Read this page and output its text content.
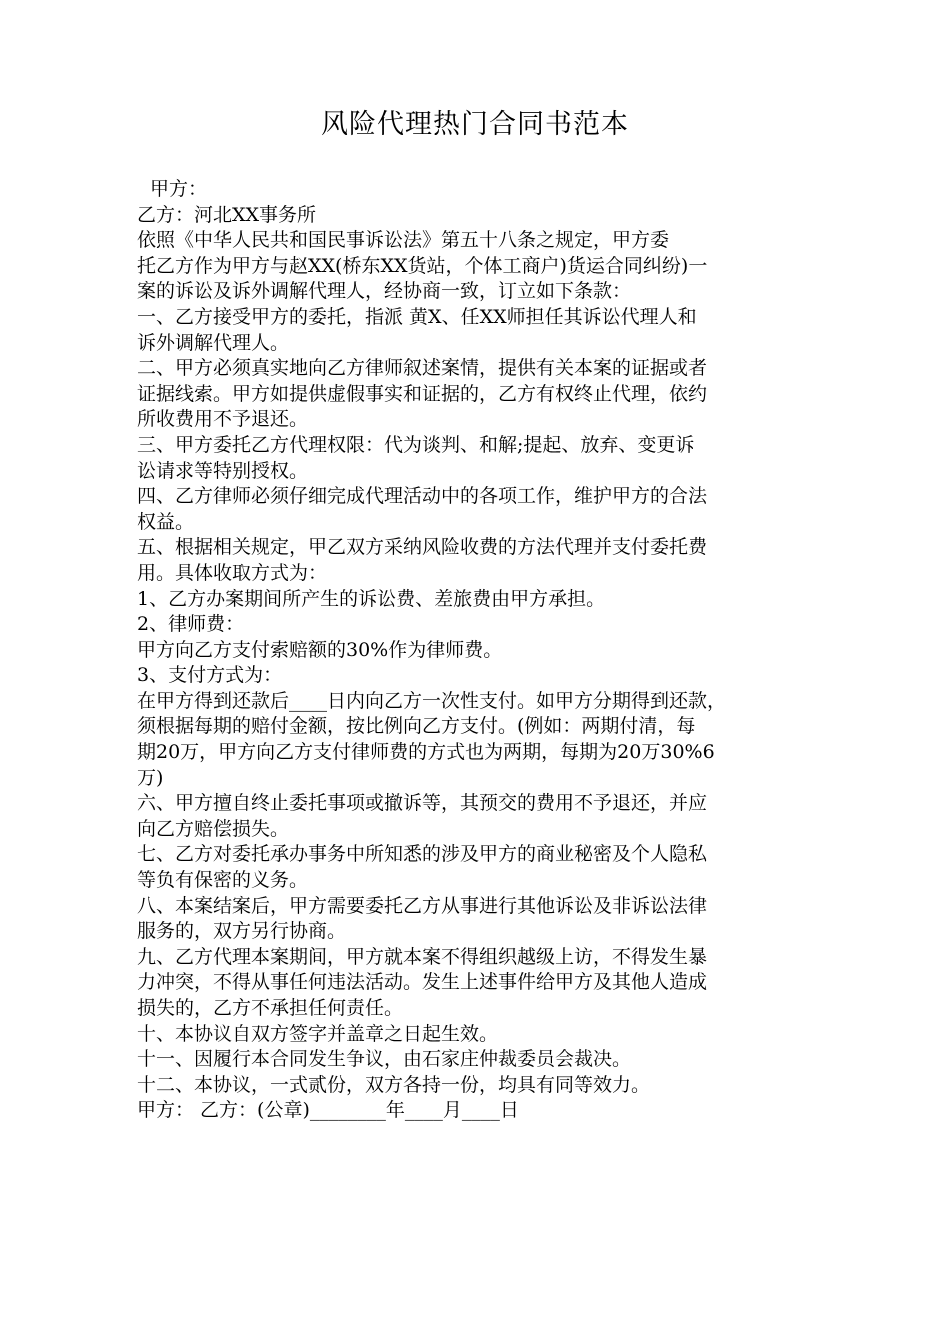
风险代理热门合同书范本
甲方：
乙方：河北XX事务所
依照《中华人民共和国民事诉讼法》第五十八条之规定，甲方委
托乙方作为甲方与赵XX(桥东XX货站，个体工商户)货运合同纠纷)一
案的诉讼及诉外调解代理人，经协商一致，订立如下条款：
一、乙方接受甲方的委托，指派 黄X、任XX师担任其诉讼代理人和
诉外调解代理人。
二、甲方必须真实地向乙方律师叙述案情，提供有关本案的证据或者
证据线索。甲方如提供虚假事实和证据的，乙方有权终止代理，依约
所收费用不予退还。
三、甲方委托乙方代理权限：代为谈判、和解;提起、放弃、变更诉
讼请求等特别授权。
四、乙方律师必须仔细完成代理活动中的各项工作，维护甲方的合法
权益。
五、根据相关规定，甲乙双方采纳风险收费的方法代理并支付委托费
用。具体收取方式为：
1、乙方办案期间所产生的诉讼费、差旅费由甲方承担。
2、律师费：
甲方向乙方支付索赔额的30%作为律师费。
3、支付方式为：
在甲方得到还款后____日内向乙方一次性支付。如甲方分期得到还款，
须根据每期的赔付金额，按比例向乙方支付。(例如：两期付清，每
期20万，甲方向乙方支付律师费的方式也为两期，每期为20万30%6
万)
六、甲方擅自终止委托事项或撤诉等，其预交的费用不予退还，并应
向乙方赔偿损失。
七、乙方对委托承办事务中所知悉的涉及甲方的商业秘密及个人隐私
等负有保密的义务。
八、本案结案后，甲方需要委托乙方从事进行其他诉讼及非诉讼法律
服务的，双方另行协商。
九、乙方代理本案期间，甲方就本案不得组织越级上访，不得发生暴
力冲突，不得从事任何违法活动。发生上述事件给甲方及其他人造成
损失的，乙方不承担任何责任。
十、本协议自双方签字并盖章之日起生效。
十一、因履行本合同发生争议，由石家庄仲裁委员会裁决。
十二、本协议，一式贰份，双方各持一份，均具有同等效力。
甲方： 乙方：(公章)________年____月____日
